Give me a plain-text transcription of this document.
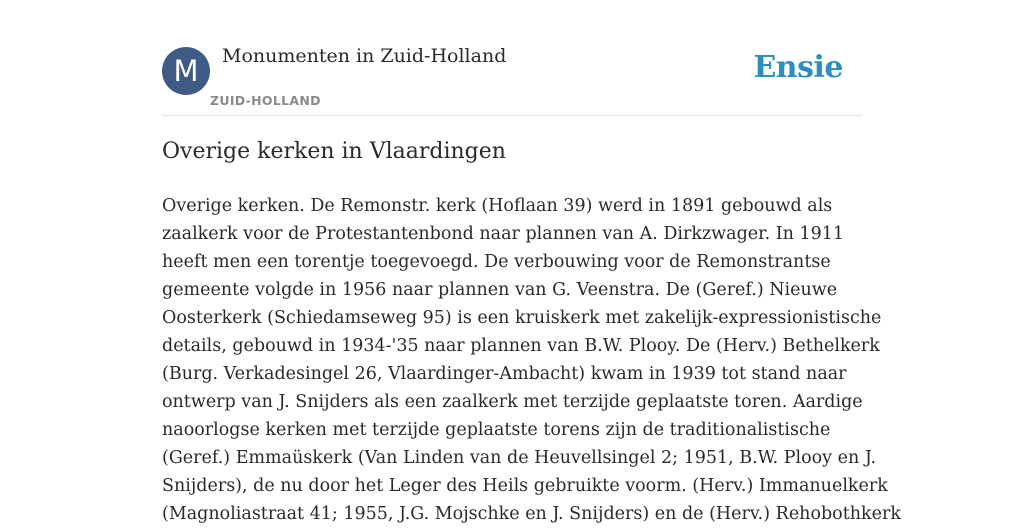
M	Monumenten in Zuid-Holland
ZUID-HOLLAND
Ensie
Overige kerken in Vlaardingen
Overige kerken. De Remonstr. kerk (Hoflaan 39) werd in 1891 gebouwd als
zaalkerk voor de Protestantenbond naar plannen van A. Dirkzwager. In 1911
heeft men een torentje toegevoegd. De verbouwing voor de Remonstrantse
gemeente volgde in 1956 naar plannen van G. Veenstra. De (Geref.) Nieuwe
Oosterkerk (Schiedamseweg 95) is een kruiskerk met zakelijk-expressionistische
details, gebouwd in 1934-'35 naar plannen van B.W. Plooy. De (Herv.) Bethelkerk
(Burg. Verkadesingel 26, Vlaardinger-Ambacht) kwam in 1939 tot stand naar
ontwerp van J. Snijders als een zaalkerk met terzijde geplaatste toren. Aardige
naoorlogse kerken met terzijde geplaatste torens zijn de traditionalistische
(Geref.) Emmaüskerk (Van Linden van de Heuvellsingel 2; 1951, B.W. Plooy en J.
Snijders), de nu door het Leger des Heils gebruikte voorm. (Herv.) Immanuelkerk
(Magnoliastraat 41; 1955, J.G. Mojschke en J. Snijders) en de (Herv.) Rehobothkerk
